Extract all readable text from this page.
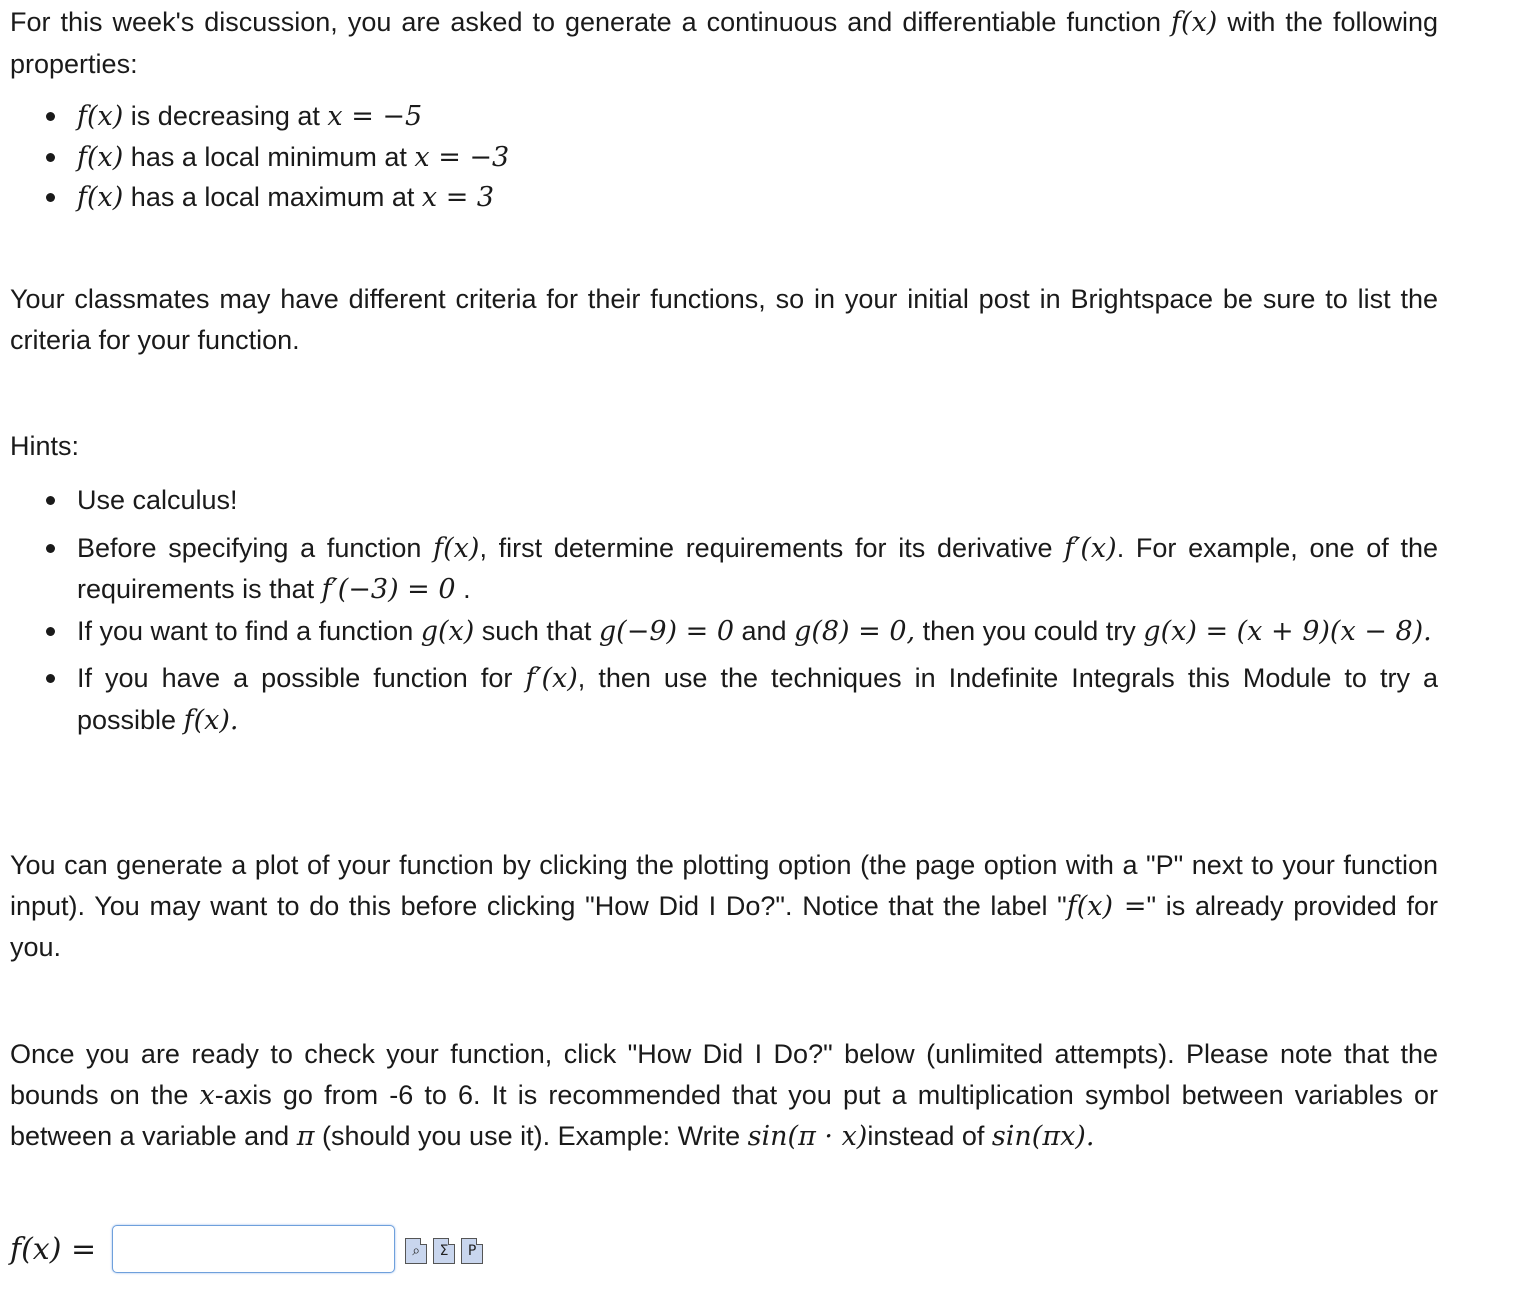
For this week's discussion, you are asked to generate a continuous and differentiable function f(x) with the following properties:

f(x) is decreasing at x = −5
f(x) has a local minimum at x = −3
f(x) has a local maximum at x = 3

Your classmates may have different criteria for their functions, so in your initial post in Brightspace be sure to list the criteria for your function.

Hints:

Use calculus!
Before specifying a function f(x), first determine requirements for its derivative f′(x). For example, one of the requirements is that f′(−3) = 0 .
If you want to find a function g(x) such that g(−9) = 0 and g(8) = 0, then you could try g(x) = (x + 9)(x − 8).
If you have a possible function for f′(x), then use the techniques in Indefinite Integrals this Module to try a possible f(x).

You can generate a plot of your function by clicking the plotting option (the page option with a "P" next to your function input). You may want to do this before clicking "How Did I Do?". Notice that the label "f(x) =" is already provided for you.

Once you are ready to check your function, click "How Did I Do?" below (unlimited attempts). Please note that the bounds on the x-axis go from -6 to 6. It is recommended that you put a multiplication symbol between variables or between a variable and π (should you use it). Example: Write sin(π · x)instead of sin(πx).

f(x) =	⌕	Σ	P
